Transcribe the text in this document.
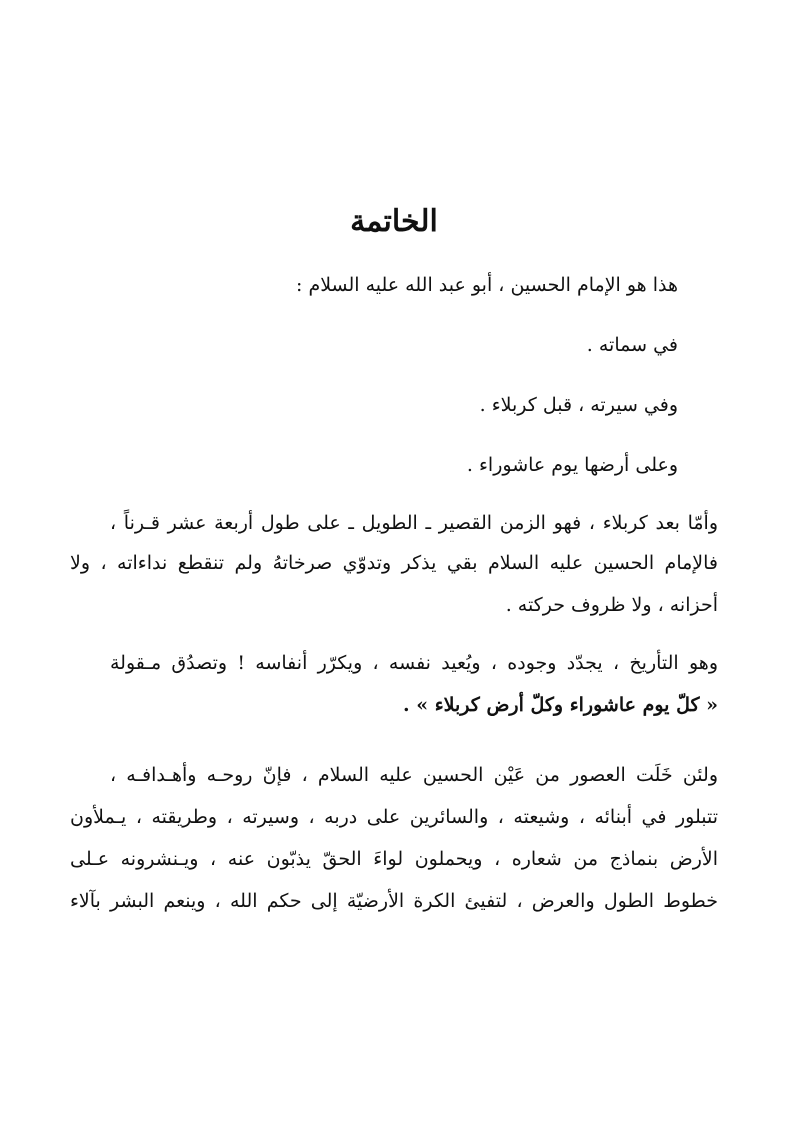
الخاتمة

هذا هو الإمام الحسين ، أبو عبد الله عليه السلام :

في سماته .

وفي سيرته ، قبل كربلاء .

وعلى أرضها يوم عاشوراء .

وأمّا بعد كربلاء ، فهو الزمن القصير ـ الطويل ـ على طول أربعة عشر قـرناً ،

فالإمام الحسين عليه السلام بقي يذكر وتدوّي صرخاتهُ ولم تنقطع نداءاته ، ولا

أحزانه ، ولا ظروف حركته .

وهو التأريخ ، يجدّد وجوده ، ويُعيد نفسه ، ويكرّر أنفاسه ! وتصدُق مـقولة

« كلّ يوم عاشوراء وكلّ أرض كربلاء » .

ولئن خَلَت العصور من عَيْن الحسين عليه السلام ، فإنّ روحـه وأهـدافـه ،

تتبلور في أبنائه ، وشيعته ، والسائرين على دربه ، وسيرته ، وطريقته ، يـملأون

الأرض بنماذج من شعاره ، ويحملون لواءَ الحقّ يذبّون عنه ، ويـنشرونه عـلى

خطوط الطول والعرض ، لتفيئ الكرة الأرضيّة إلى حكم الله ، وينعم البشر بآلاء
